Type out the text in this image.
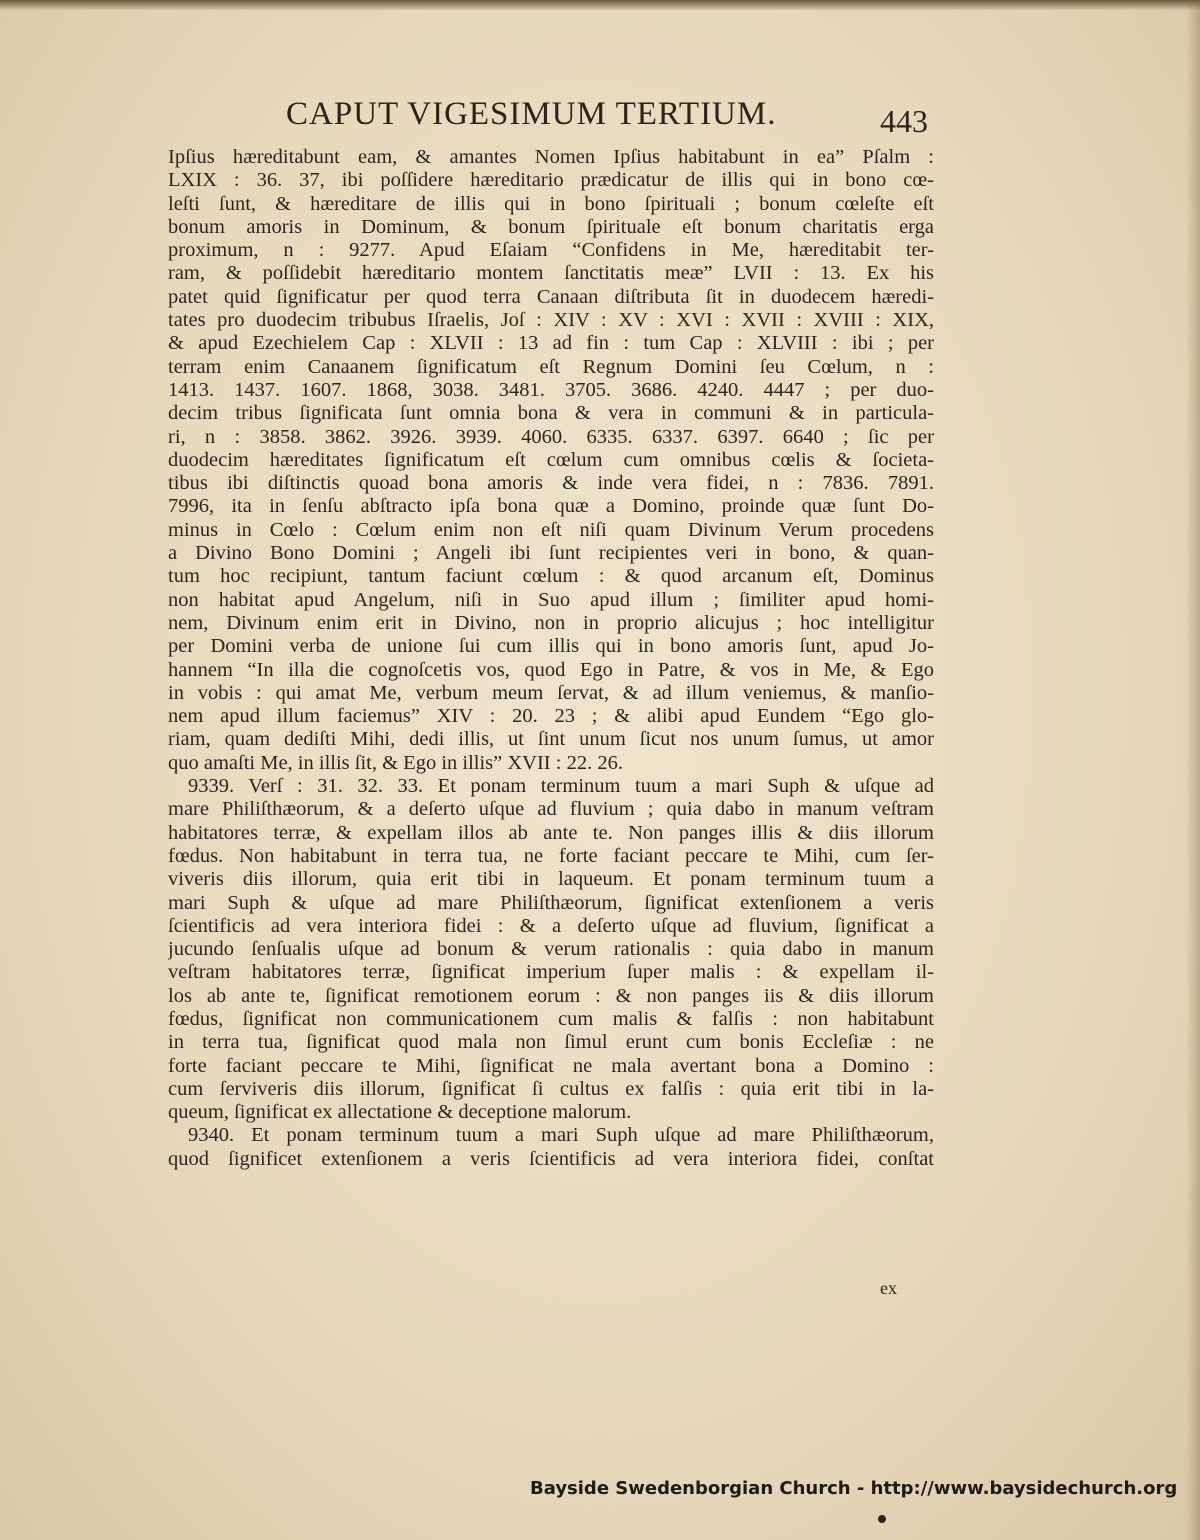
CAPUT VIGESIMUM TERTIUM.	443
Ipſius hæreditabunt eam, & amantes Nomen Ipſius habitabunt in ea” Pſalm :
LXIX : 36. 37, ibi poſſidere hæreditario prædicatur de illis qui in bono cœ-
leſti ſunt, & hæreditare de illis qui in bono ſpirituali ; bonum cœleſte eſt
bonum amoris in Dominum, & bonum ſpirituale eſt bonum charitatis erga
proximum, n : 9277. Apud Eſaiam “Confidens in Me, hæreditabit ter-
ram, & poſſidebit hæreditario montem ſanctitatis meæ” LVII : 13. Ex his
patet quid ſignificatur per quod terra Canaan diſtributa ſit in duodecem hæredi-
tates pro duodecim tribubus Iſraelis, Joſ : XIV : XV : XVI : XVII : XVIII : XIX,
& apud Ezechielem Cap : XLVII : 13 ad fin : tum Cap : XLVIII : ibi ; per
terram enim Canaanem ſignificatum eſt Regnum Domini ſeu Cœlum, n :
1413. 1437. 1607. 1868, 3038. 3481. 3705. 3686. 4240. 4447 ; per duo-
decim tribus ſignificata ſunt omnia bona & vera in communi & in particula-
ri, n : 3858. 3862. 3926. 3939. 4060. 6335. 6337. 6397. 6640 ; ſic per
duodecim hæreditates ſignificatum eſt cœlum cum omnibus cœlis & ſocieta-
tibus ibi diſtinctis quoad bona amoris & inde vera fidei, n : 7836. 7891.
7996, ita in ſenſu abſtracto ipſa bona quæ a Domino, proinde quæ ſunt Do-
minus in Cœlo : Cœlum enim non eſt niſi quam Divinum Verum procedens
a Divino Bono Domini ; Angeli ibi ſunt recipientes veri in bono, & quan-
tum hoc recipiunt, tantum faciunt cœlum : & quod arcanum eſt, Dominus
non habitat apud Angelum, niſi in Suo apud illum ; ſimiliter apud homi-
nem, Divinum enim erit in Divino, non in proprio alicujus ; hoc intelligitur
per Domini verba de unione ſui cum illis qui in bono amoris ſunt, apud Jo-
hannem “In illa die cognoſcetis vos, quod Ego in Patre, & vos in Me, & Ego
in vobis : qui amat Me, verbum meum ſervat, & ad illum veniemus, & manſio-
nem apud illum faciemus” XIV : 20. 23 ; & alibi apud Eundem “Ego glo-
riam, quam dediſti Mihi, dedi illis, ut ſint unum ſicut nos unum ſumus, ut amor
quo amaſti Me, in illis ſit, & Ego in illis” XVII : 22. 26.
9339. Verſ : 31. 32. 33. Et ponam terminum tuum a mari Suph & uſque ad
mare Philiſthæorum, & a deſerto uſque ad fluvium ; quia dabo in manum veſtram
habitatores terræ, & expellam illos ab ante te. Non panges illis & diis illorum
fœdus. Non habitabunt in terra tua, ne forte faciant peccare te Mihi, cum ſer-
viveris diis illorum, quia erit tibi in laqueum. Et ponam terminum tuum a
mari Suph & uſque ad mare Philiſthæorum, ſignificat extenſionem a veris
ſcientificis ad vera interiora fidei : & a deſerto uſque ad fluvium, ſignificat a
jucundo ſenſualis uſque ad bonum & verum rationalis : quia dabo in manum
veſtram habitatores terræ, ſignificat imperium ſuper malis : & expellam il-
los ab ante te, ſignificat remotionem eorum : & non panges iis & diis illorum
fœdus, ſignificat non communicationem cum malis & falſis : non habitabunt
in terra tua, ſignificat quod mala non ſimul erunt cum bonis Eccleſiæ : ne
forte faciant peccare te Mihi, ſignificat ne mala avertant bona a Domino :
cum ſerviveris diis illorum, ſignificat ſi cultus ex falſis : quia erit tibi in la-
queum, ſignificat ex allectatione & deceptione malorum.
9340. Et ponam terminum tuum a mari Suph uſque ad mare Philiſthæorum,
quod ſignificet extenſionem a veris ſcientificis ad vera interiora fidei, conſtat
ex
Bayside Swedenborgian Church - http://www.baysidechurch.org
